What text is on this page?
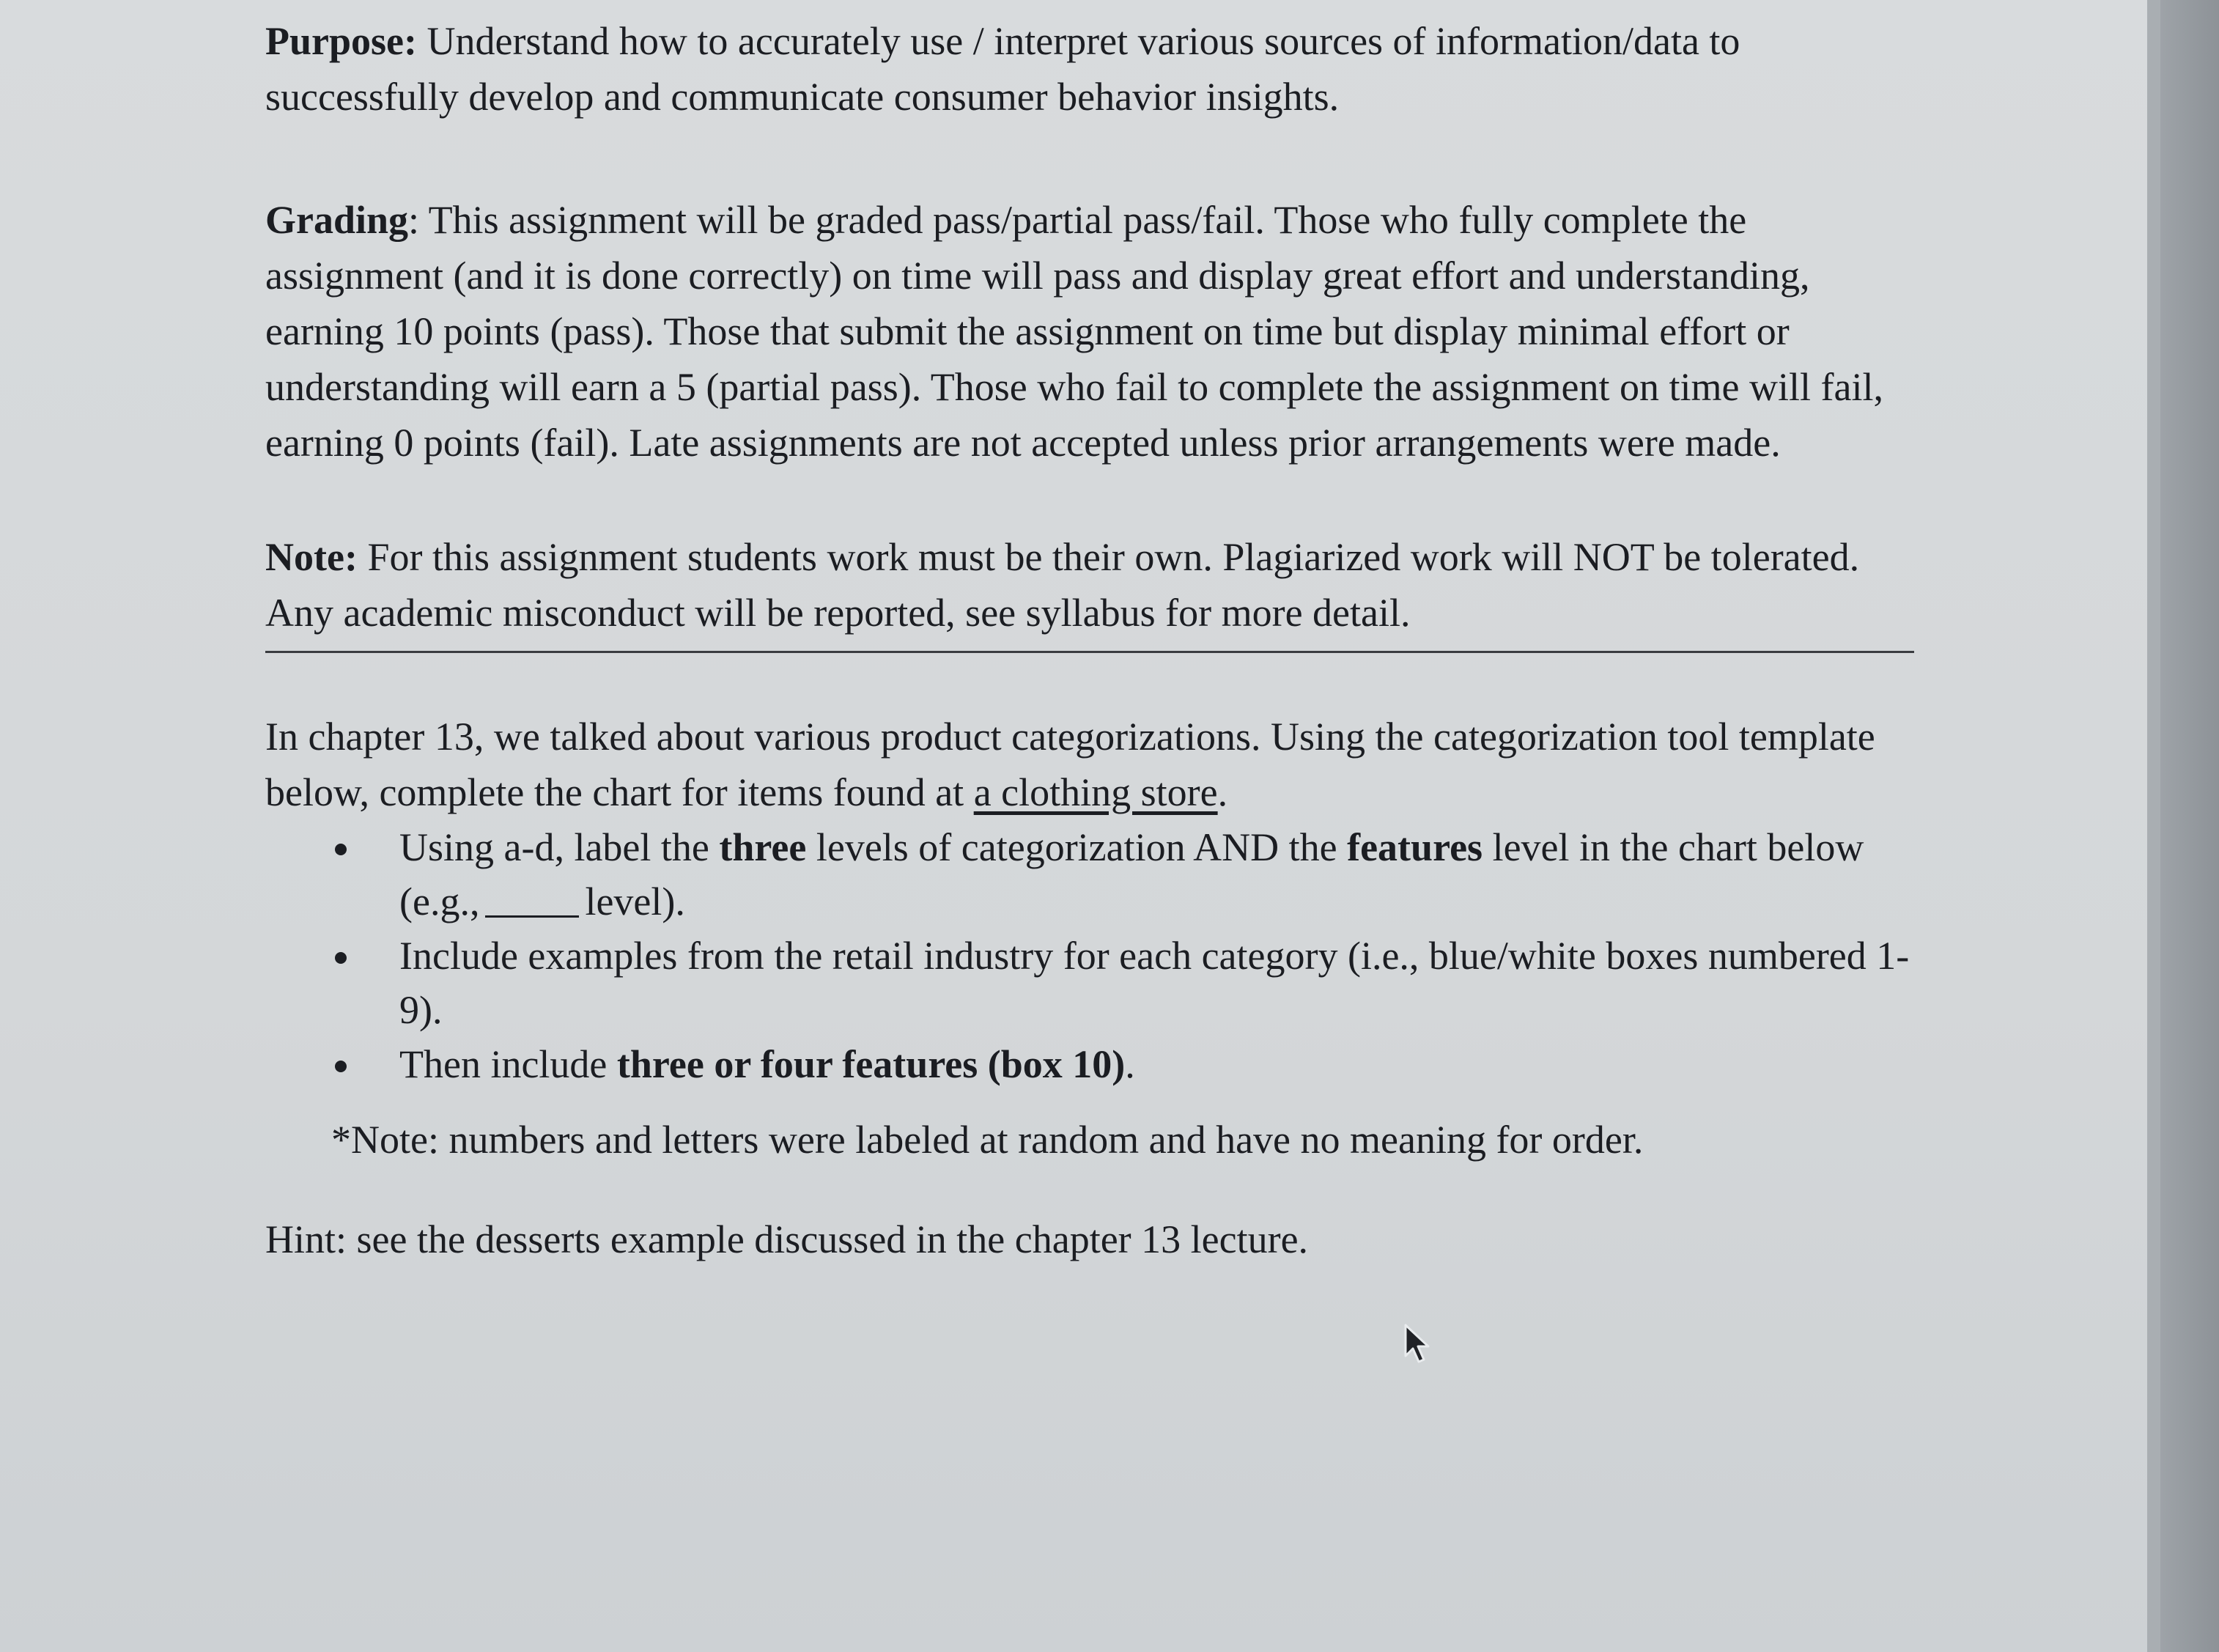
Purpose: Understand how to accurately use / interpret various sources of information/data to successfully develop and communicate consumer behavior insights.

Grading: This assignment will be graded pass/partial pass/fail. Those who fully complete the assignment (and it is done correctly) on time will pass and display great effort and understanding, earning 10 points (pass). Those that submit the assignment on time but display minimal effort or understanding will earn a 5 (partial pass). Those who fail to complete the assignment on time will fail, earning 0 points (fail). Late assignments are not accepted unless prior arrangements were made.

Note: For this assignment students work must be their own. Plagiarized work will NOT be tolerated. Any academic misconduct will be reported, see syllabus for more detail.

In chapter 13, we talked about various product categorizations. Using the categorization tool template below, complete the chart for items found at a clothing store.

Using a-d, label the three levels of categorization AND the features level in the chart below (e.g.,	level).
Include examples from the retail industry for each category (i.e., blue/white boxes numbered 1-9).
Then include three or four features (box 10).

*Note: numbers and letters were labeled at random and have no meaning for order.

Hint: see the desserts example discussed in the chapter 13 lecture.
